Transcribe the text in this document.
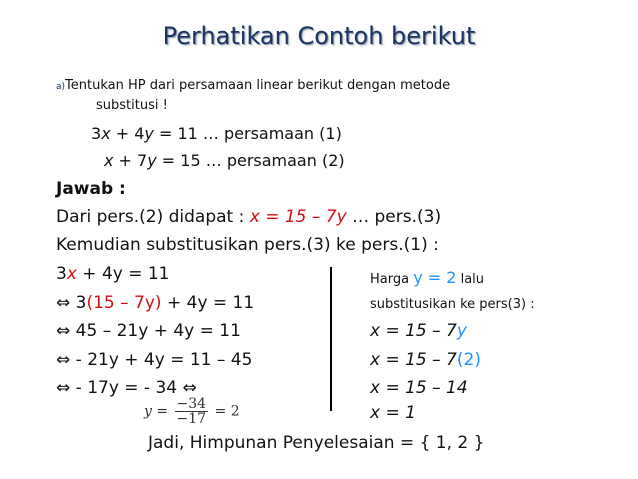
Perhatikan Contoh berikut
a)Tentukan HP dari persamaan linear berikut dengan metode
substitusi !
3x + 4y = 11 … persamaan (1)
x + 7y = 15 … persamaan (2)
Jawab :
Dari pers.(2) didapat : x = 15 – 7y … pers.(3)
Kemudian substitusikan pers.(3) ke pers.(1) :
3x + 4y = 11
⇔ 3(15 – 7y) + 4y = 11
⇔ 45 – 21y + 4y = 11
⇔ - 21y + 4y = 11 – 45
⇔ - 17y = - 34 ⇔
$y = \frac{-34}{-17} = 2$
Harga y = 2 lalu
substitusikan ke pers(3) :
x = 15 – 7y
x = 15 – 7(2)
x = 15 – 14
x = 1
Jadi, Himpunan Penyelesaian = { 1, 2 }
